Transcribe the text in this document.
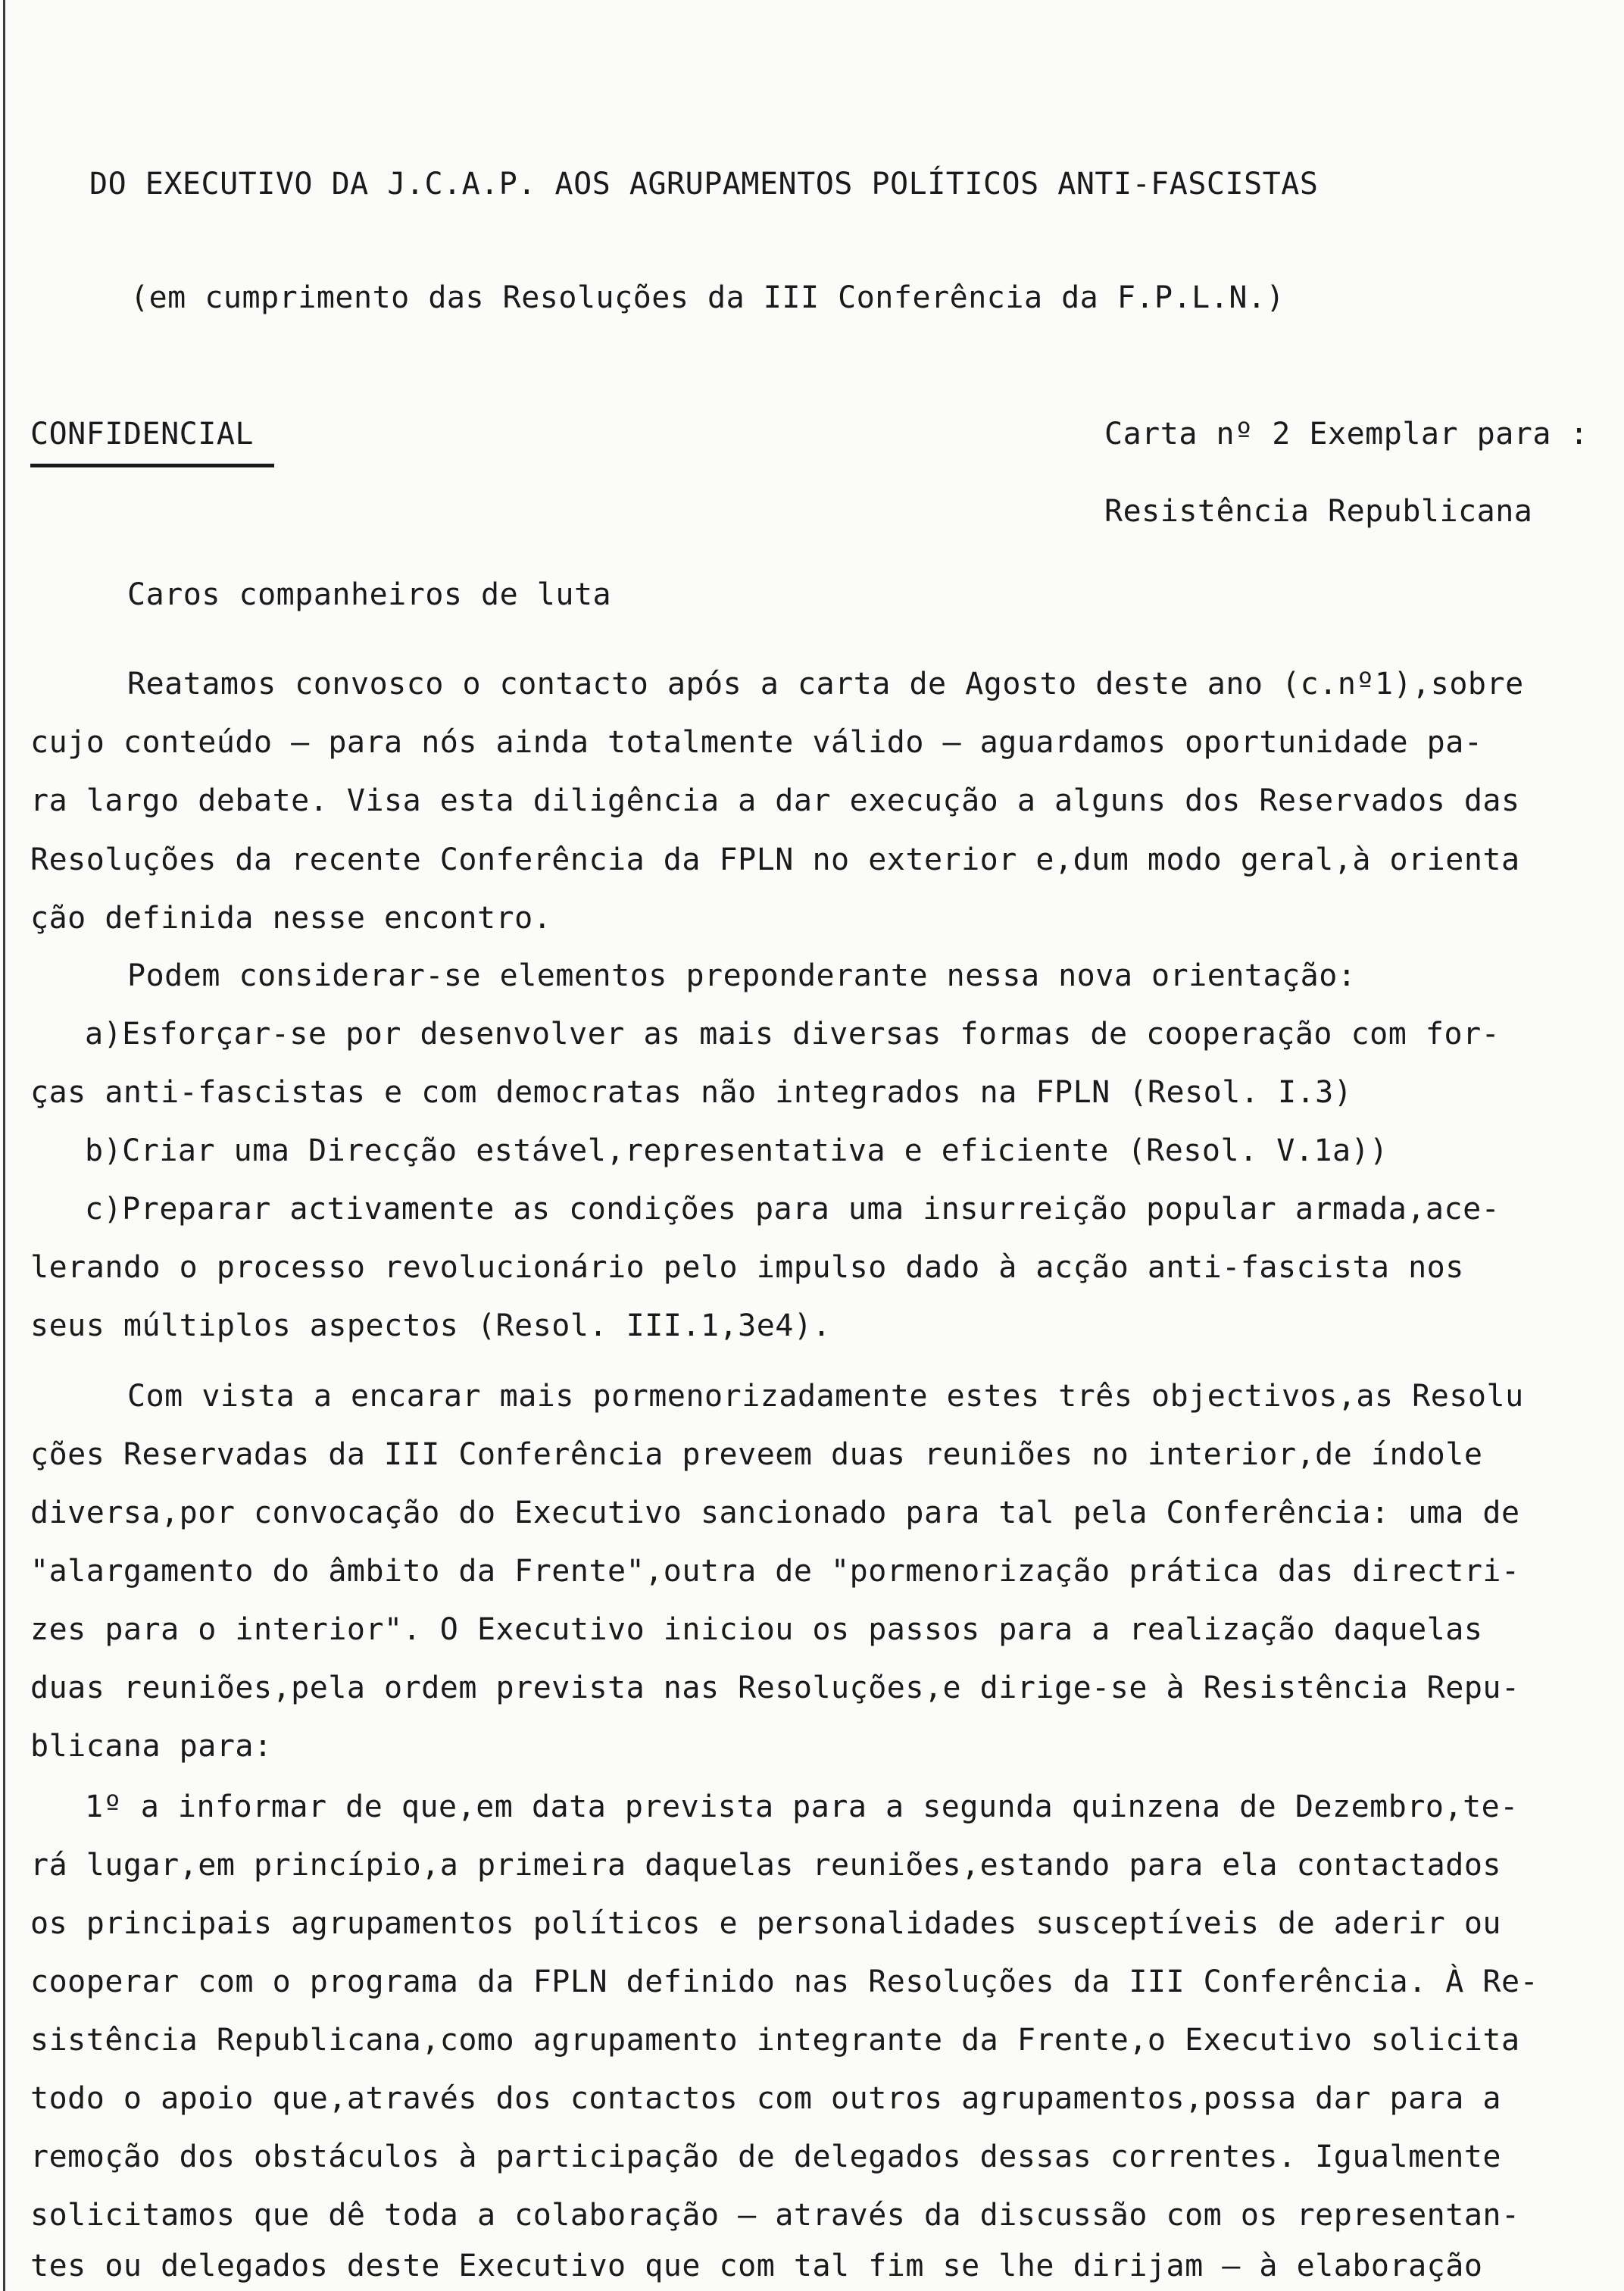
DO EXECUTIVO DA J.C.A.P. AOS AGRUPAMENTOS POLÍTICOS ANTI-FASCISTAS
(em cumprimento das Resoluções da III Conferência da F.P.L.N.)
CONFIDENCIAL	Carta nº 2 Exemplar para :
Resistência Republicana
Caros companheiros de luta
Reatamos convosco o contacto após a carta de Agosto deste ano (c.nº1),sobre
cujo conteúdo — para nós ainda totalmente válido — aguardamos oportunidade pa-
ra largo debate. Visa esta diligência a dar execução a alguns dos Reservados das
Resoluções da recente Conferência da FPLN no exterior e,dum modo geral,à orienta
ção definida nesse encontro.
Podem considerar-se elementos preponderante nessa nova orientação:
a)Esforçar-se por desenvolver as mais diversas formas de cooperação com for-
ças anti-fascistas e com democratas não integrados na FPLN (Resol. I.3)
b)Criar uma Direcção estável,representativa e eficiente (Resol. V.1a))
c)Preparar activamente as condições para uma insurreição popular armada,ace-
lerando o processo revolucionário pelo impulso dado à acção anti-fascista nos
seus múltiplos aspectos (Resol. III.1,3e4).
Com vista a encarar mais pormenorizadamente estes três objectivos,as Resolu
ções Reservadas da III Conferência preveem duas reuniões no interior,de índole
diversa,por convocação do Executivo sancionado para tal pela Conferência: uma de
"alargamento do âmbito da Frente",outra de "pormenorização prática das directri-
zes para o interior". O Executivo iniciou os passos para a realização daquelas
duas reuniões,pela ordem prevista nas Resoluções,e dirige-se à Resistência Repu-
blicana para:
1º a informar de que,em data prevista para a segunda quinzena de Dezembro,te-
rá lugar,em princípio,a primeira daquelas reuniões,estando para ela contactados
os principais agrupamentos políticos e personalidades susceptíveis de aderir ou
cooperar com o programa da FPLN definido nas Resoluções da III Conferência. À Re-
sistência Republicana,como agrupamento integrante da Frente,o Executivo solicita
todo o apoio que,através dos contactos com outros agrupamentos,possa dar para a
remoção dos obstáculos à participação de delegados dessas correntes. Igualmente
solicitamos que dê toda a colaboração — através da discussão com os representan-
tes ou delegados deste Executivo que com tal fim se lhe dirijam — à elaboração
